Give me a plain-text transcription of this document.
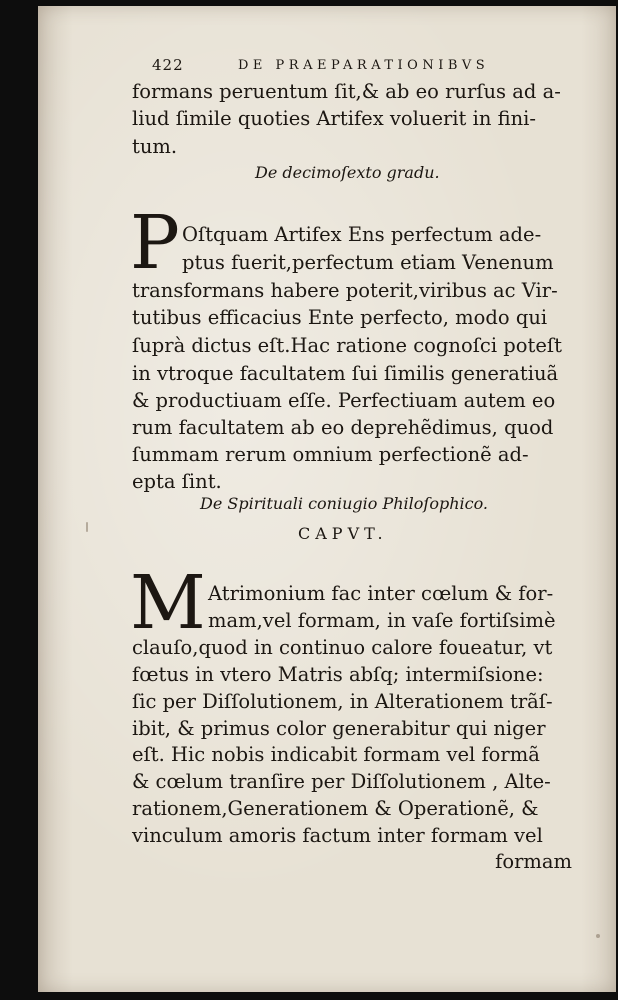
422	DE PRAEPARATIONIBVS
formans peruentum ſit,& ab eo rurſus ad a-
liud ſimile quoties Artifex voluerit in fini-
tum.
De decimoſexto gradu.
P Oſtquam Artifex Ens perfectum ade-
ptus fuerit,perfectum etiam Venenum
transformans habere poterit,viribus ac Vir-
tutibus efficacius Ente perfecto, modo qui
ſuprà dictus eſt.Hac ratione cognoſci poteſt
in vtroque facultatem ſui ſimilis generatiuã
& productiuam eſſe. Perfectiuam autem eo
rum facultatem ab eo deprehẽdimus, quod
ſummam rerum omnium perfectionẽ ad-
epta ſint.
De Spirituali coniugio Philoſophico.
CAPVT.
M Atrimonium fac inter cœlum & for-
mam,vel formam, in vaſe fortiſsimè
clauſo,quod in continuo calore foueatur, vt
fœtus in vtero Matris abſq; intermiſsione:
ſic per Diſſolutionem, in Alterationem trãſ-
ibit, & primus color generabitur qui niger
eſt. Hic nobis indicabit formam vel formã
& cœlum tranſire per Diſſolutionem , Alte-
rationem,Generationem & Operationẽ, &
vinculum amoris factum inter formam vel
formam
